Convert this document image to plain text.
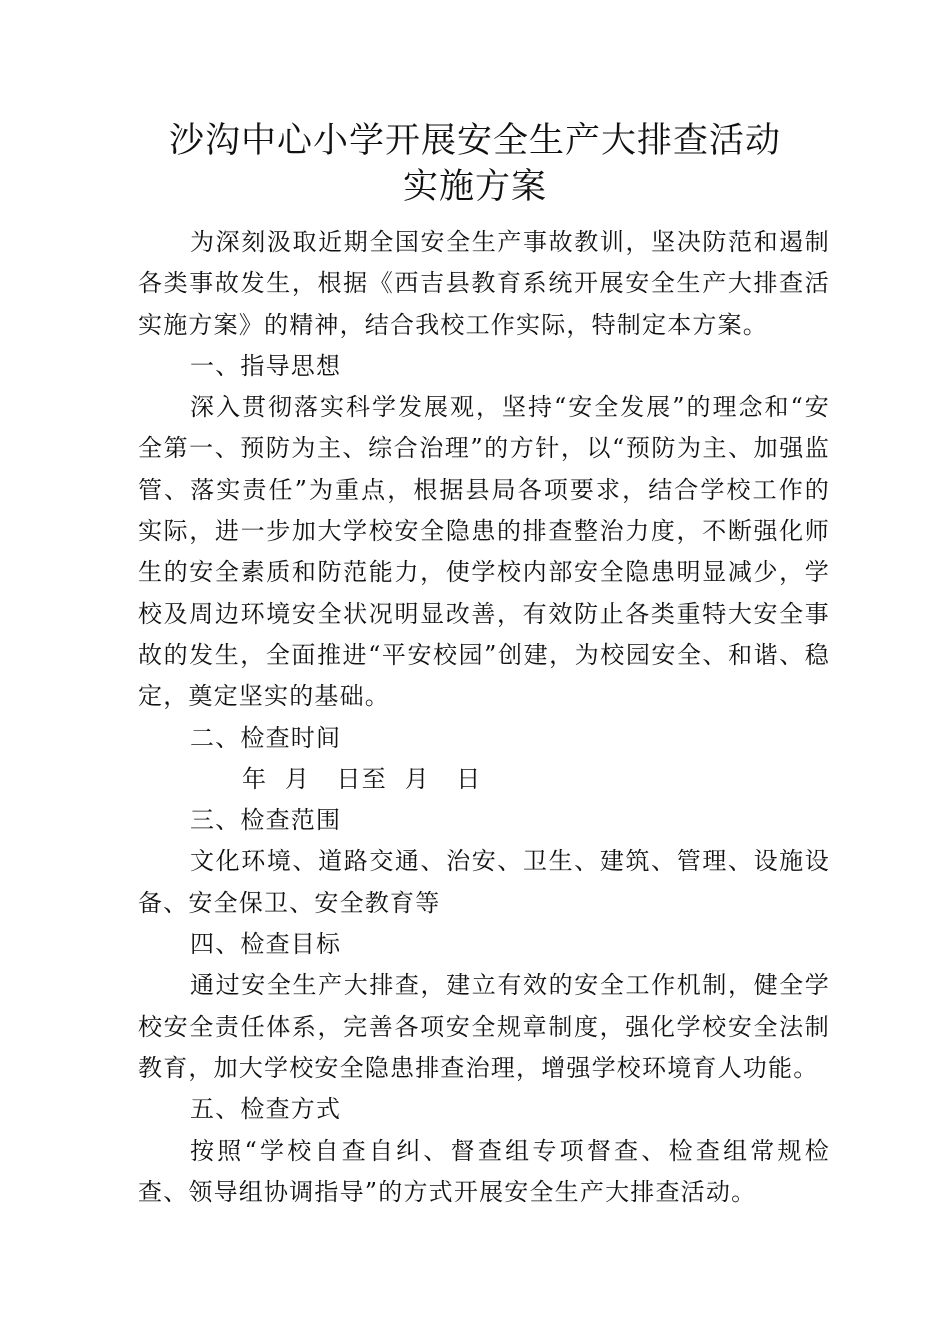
沙沟中心小学开展安全生产大排查活动
实施方案

为深刻汲取近期全国安全生产事故教训，坚决防范和遏制各类事故发生，根据《西吉县教育系统开展安全生产大排查活实施方案》的精神，结合我校工作实际，特制定本方案。

一、指导思想

深入贯彻落实科学发展观，坚持“安全发展”的理念和“安全第一、预防为主、综合治理”的方针，以“预防为主、加强监管、落实责任”为重点，根据县局各项要求，结合学校工作的实际，进一步加大学校安全隐患的排查整治力度，不断强化师生的安全素质和防范能力，使学校内部安全隐患明显减少，学校及周边环境安全状况明显改善，有效防止各类重特大安全事故的发生，全面推进“平安校园”创建，为校园安全、和谐、稳定，奠定坚实的基础。

二、检查时间

年  月   日至  月   日

三、检查范围

文化环境、道路交通、治安、卫生、建筑、管理、设施设备、安全保卫、安全教育等

四、检查目标

通过安全生产大排查，建立有效的安全工作机制，健全学校安全责任体系，完善各项安全规章制度，强化学校安全法制教育，加大学校安全隐患排查治理，增强学校环境育人功能。

五、检查方式

按照“学校自查自纠、督查组专项督查、检查组常规检查、领导组协调指导”的方式开展安全生产大排查活动。
